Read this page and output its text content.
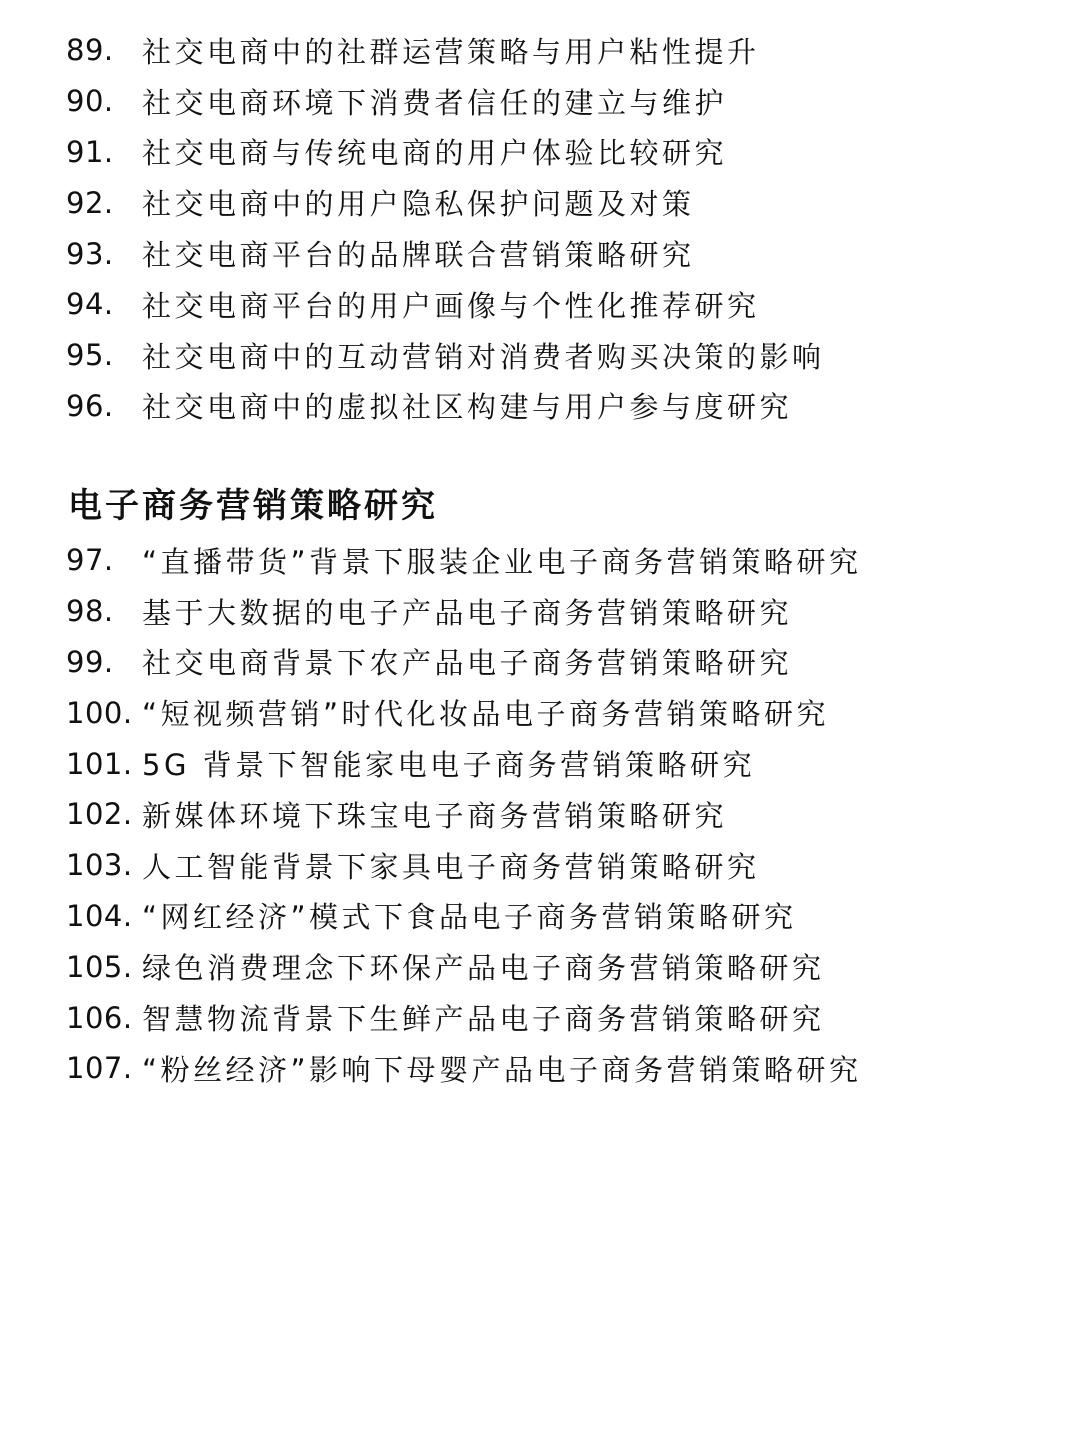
89. 社交电商中的社群运营策略与用户粘性提升
90. 社交电商环境下消费者信任的建立与维护
91. 社交电商与传统电商的用户体验比较研究
92. 社交电商中的用户隐私保护问题及对策
93. 社交电商平台的品牌联合营销策略研究
94. 社交电商平台的用户画像与个性化推荐研究
95. 社交电商中的互动营销对消费者购买决策的影响
96. 社交电商中的虚拟社区构建与用户参与度研究
电子商务营销策略研究
97. “直播带货”背景下服装企业电子商务营销策略研究
98. 基于大数据的电子产品电子商务营销策略研究
99. 社交电商背景下农产品电子商务营销策略研究
100. “短视频营销”时代化妆品电子商务营销策略研究
101. 5G 背景下智能家电电子商务营销策略研究
102. 新媒体环境下珠宝电子商务营销策略研究
103. 人工智能背景下家具电子商务营销策略研究
104. “网红经济”模式下食品电子商务营销策略研究
105. 绿色消费理念下环保产品电子商务营销策略研究
106. 智慧物流背景下生鲜产品电子商务营销策略研究
107. “粉丝经济”影响下母婴产品电子商务营销策略研究
